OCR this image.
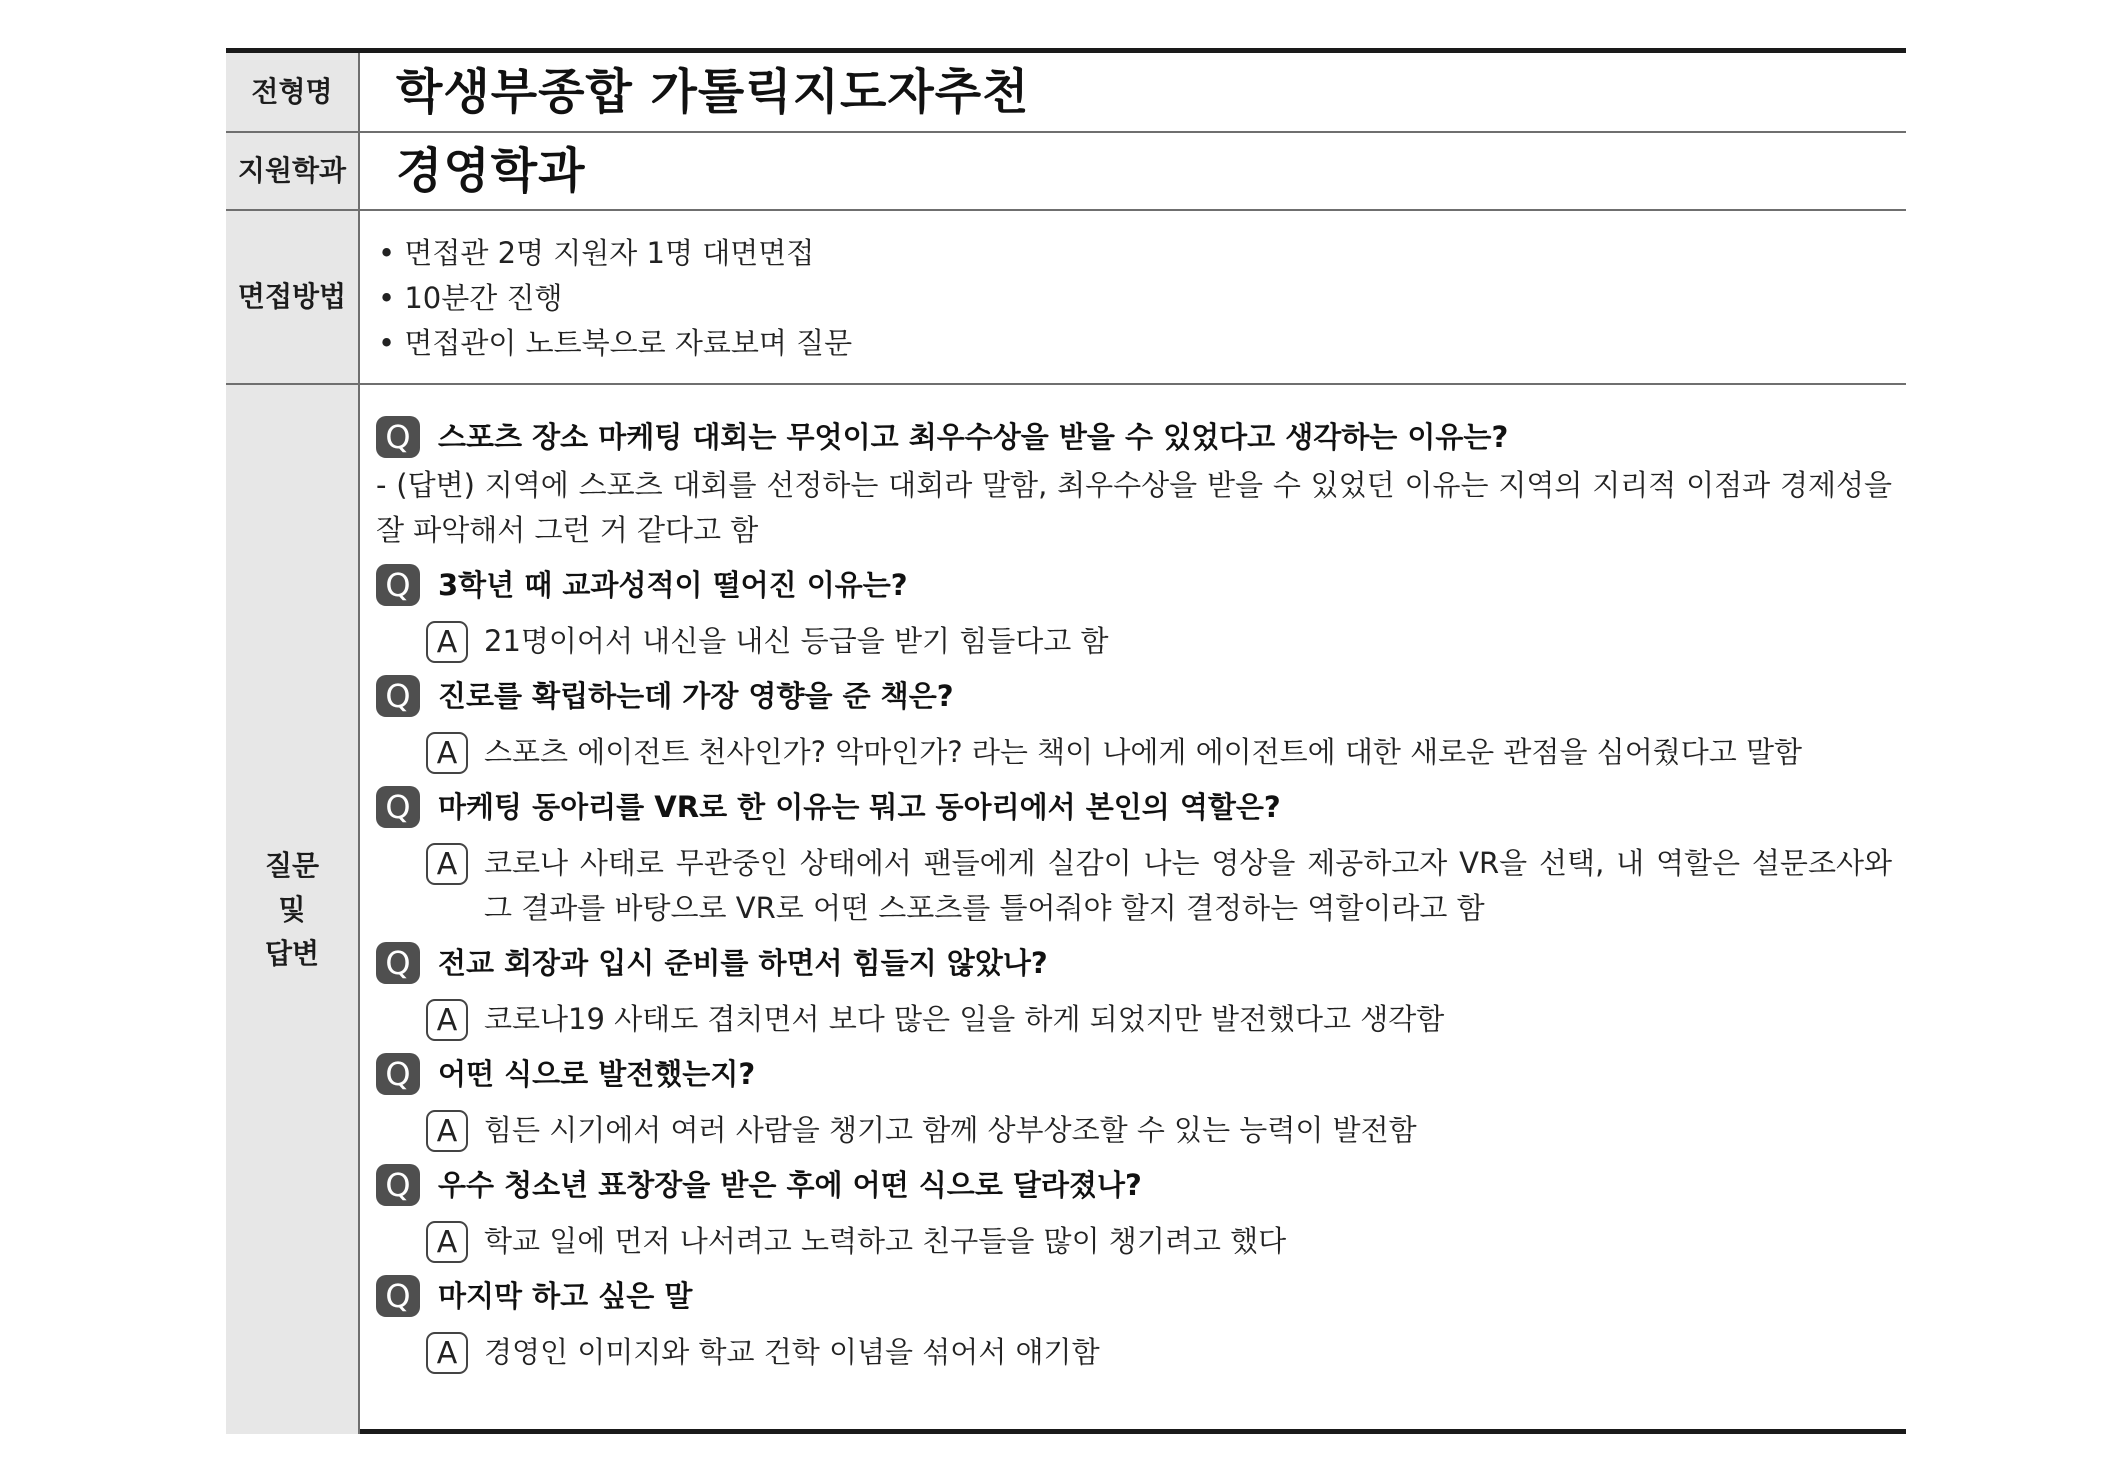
전형명	학생부종합 가톨릭지도자추천
지원학과 경영학과
면접방법

• 면접관 2명 지원자 1명 대면면접

• 10분간 진행

• 면접관이 노트북으로 자료보며 질문

질문
및
답변
Q 스포츠 장소 마케팅 대회는 무엇이고 최우수상을 받을 수 있었다고 생각하는 이유는?
- (답변) 지역에 스포츠 대회를 선정하는 대회라 말함, 최우수상을 받을 수 있었던 이유는 지역의 지리적 이점과 경제성을 잘 파악해서 그런 거 같다고 함
Q 3학년 때 교과성적이 떨어진 이유는?
A 21명이어서 내신을 내신 등급을 받기 힘들다고 함
Q 진로를 확립하는데 가장 영향을 준 책은?
A 스포츠 에이전트 천사인가? 악마인가? 라는 책이 나에게 에이전트에 대한 새로운 관점을 심어줬다고 말함
Q 마케팅 동아리를 VR로 한 이유는 뭐고 동아리에서 본인의 역할은?
A 코로나 사태로 무관중인 상태에서 팬들에게 실감이 나는 영상을 제공하고자 VR을 선택, 내 역할은 설문조사와 그 결과를 바탕으로 VR로 어떤 스포츠를 틀어줘야 할지 결정하는 역할이라고 함
Q 전교 회장과 입시 준비를 하면서 힘들지 않았나?
A 코로나19 사태도 겹치면서 보다 많은 일을 하게 되었지만 발전했다고 생각함
Q 어떤 식으로 발전했는지?
A 힘든 시기에서 여러 사람을 챙기고 함께 상부상조할 수 있는 능력이 발전함
Q 우수 청소년 표창장을 받은 후에 어떤 식으로 달라졌나?
A 학교 일에 먼저 나서려고 노력하고 친구들을 많이 챙기려고 했다
Q 마지막 하고 싶은 말
A 경영인 이미지와 학교 건학 이념을 섞어서 얘기함
